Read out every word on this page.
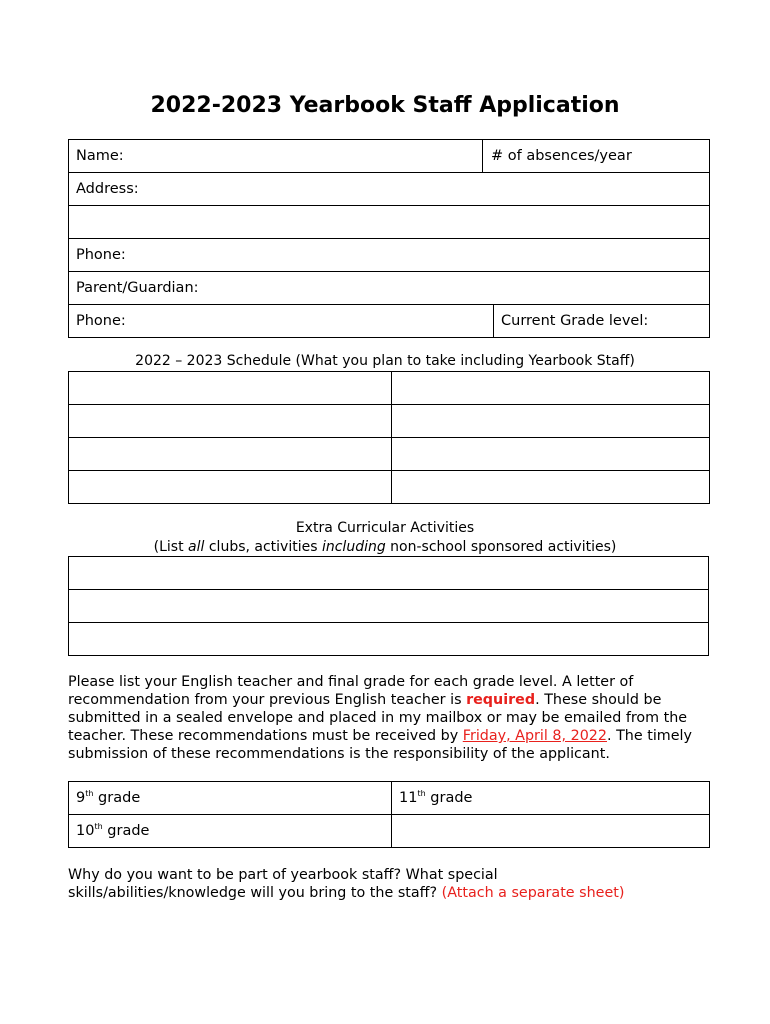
2022-2023 Yearbook Staff Application
Name:	# of absences/year	
Address:		

Phone:		
Parent/Guardian:		
Phone:		Current Grade level:
2022 – 2023 Schedule (What you plan to take including Yearbook Staff)

Extra Curricular Activities
(List all clubs, activities including non-school sponsored activities)

Please list your English teacher and final grade for each grade level. A letter of recommendation from your previous English teacher is required. These should be submitted in a sealed envelope and placed in my mailbox or may be emailed from the teacher. These recommendations must be received by Friday, April 8, 2022. The timely submission of these recommendations is the responsibility of the applicant.
9th grade	11th grade
10th grade	
Why do you want to be part of yearbook staff? What special skills/abilities/knowledge will you bring to the staff? (Attach a separate sheet)
